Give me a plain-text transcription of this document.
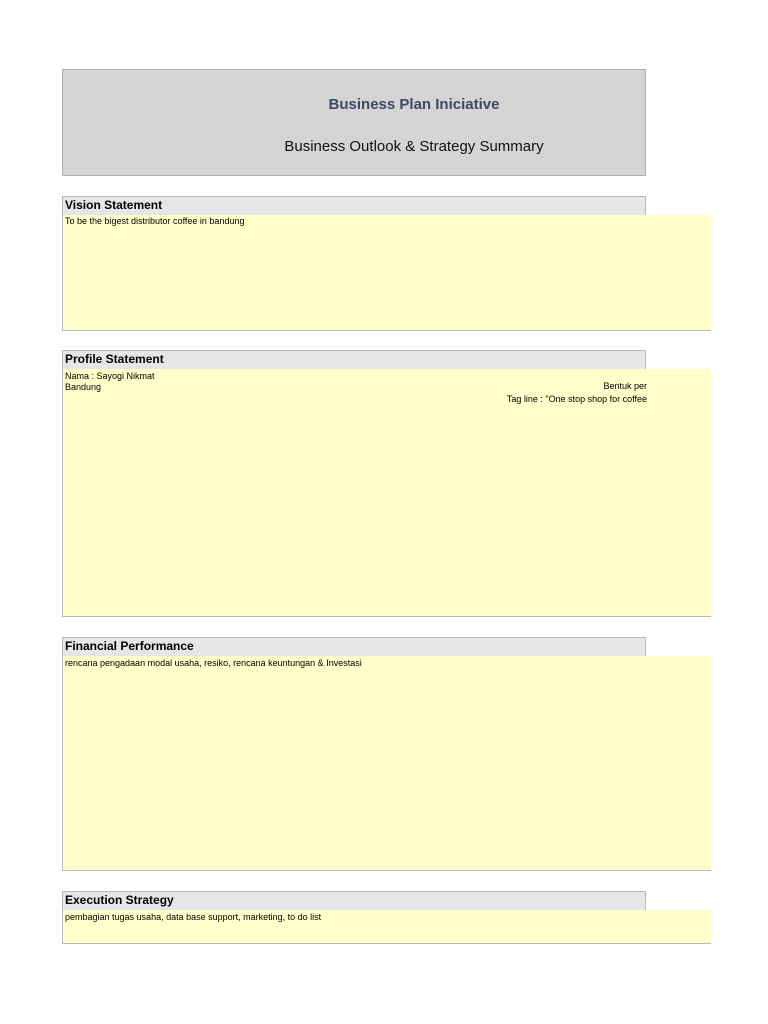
Business Plan Iniciative
Business Outlook & Strategy Summary
Vision Statement
To be the bigest distributor coffee in bandung
Profile Statement
Nama : Sayogi Nikmat
Bandung	Bentuk per
Tag line : "One stop shop for coffee
Financial Performance
rencana pengadaan modal usaha, resiko, rencana keuntungan & Investasi
Execution Strategy
pembagian tugas usaha, data base support, marketing, to do list
